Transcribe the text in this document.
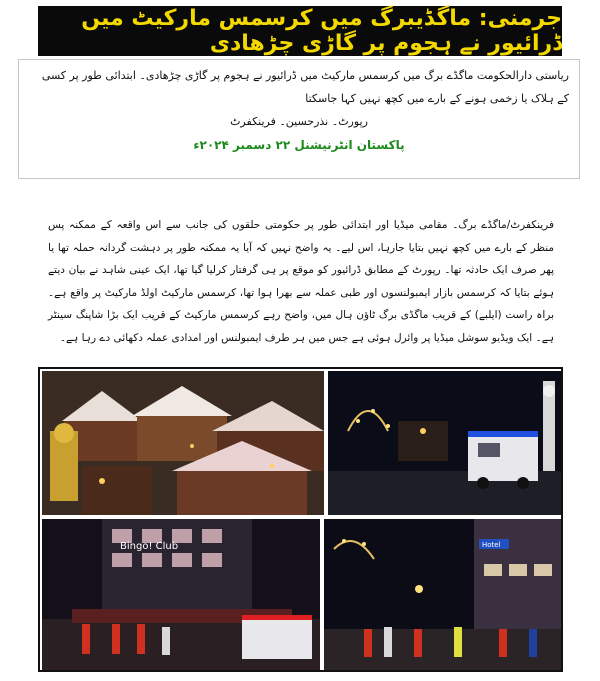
جرمنی: ماگڈیبرگ میں کرسمس مارکیٹ میں ڈرائیور نے ہجوم پر گاڑی چڑھادی

ریاستی دارالحکومت ماگڈے برگ میں کرسمس مارکیٹ میں ڈرائیور نے ہجوم پر گاڑی چڑھادی۔ ابتدائی طور پر کسی کے ہلاک یا زخمی ہونے کے بارے میں کچھ نہیں کہا جاسکتا

رپورٹ۔ نذرحسین۔ فرینکفرٹ

پاکستان انٹرنیشنل ۲۲ دسمبر ۲۰۲۴ء

فرینکفرٹ/ماگڈے برگ۔ مقامی میڈیا اور ابتدائی طور پر حکومتی حلقوں کی جانب سے اس واقعہ کے ممکنہ پس منظر کے بارے میں کچھ نہیں بتایا جارہا، اس لیے۔ یہ واضح نہیں کہ آیا یہ ممکنہ طور پر دہشت گردانہ حملہ تھا یا پھر صرف ایک حادثہ تھا۔ رپورٹ کے مطابق ڈرائیور کو موقع پر ہی گرفتار کرلیا گیا تھا، ایک عینی شاہد نے بیان دیتے ہوئے بتایا کہ کرسمس بازار ایمبولنسوں اور طبی عملہ سے بھرا ہوا تھا، کرسمس مارکیٹ اولڈ مارکیٹ پر واقع ہے۔ براہ راست (ایلبے) کے قریب ماگڈی برگ ٹاؤن ہال میں، واضح رہے کرسمس مارکیٹ کے قریب ایک بڑا شاپنگ سینٹر ہے۔ ایک ویڈیو سوشل میڈیا پر وائرل ہوئی ہے جس میں ہر طرف ایمبولنس اور امدادی عملہ دکھائی دے رہا ہے۔

Bingo! Club	Hotel
